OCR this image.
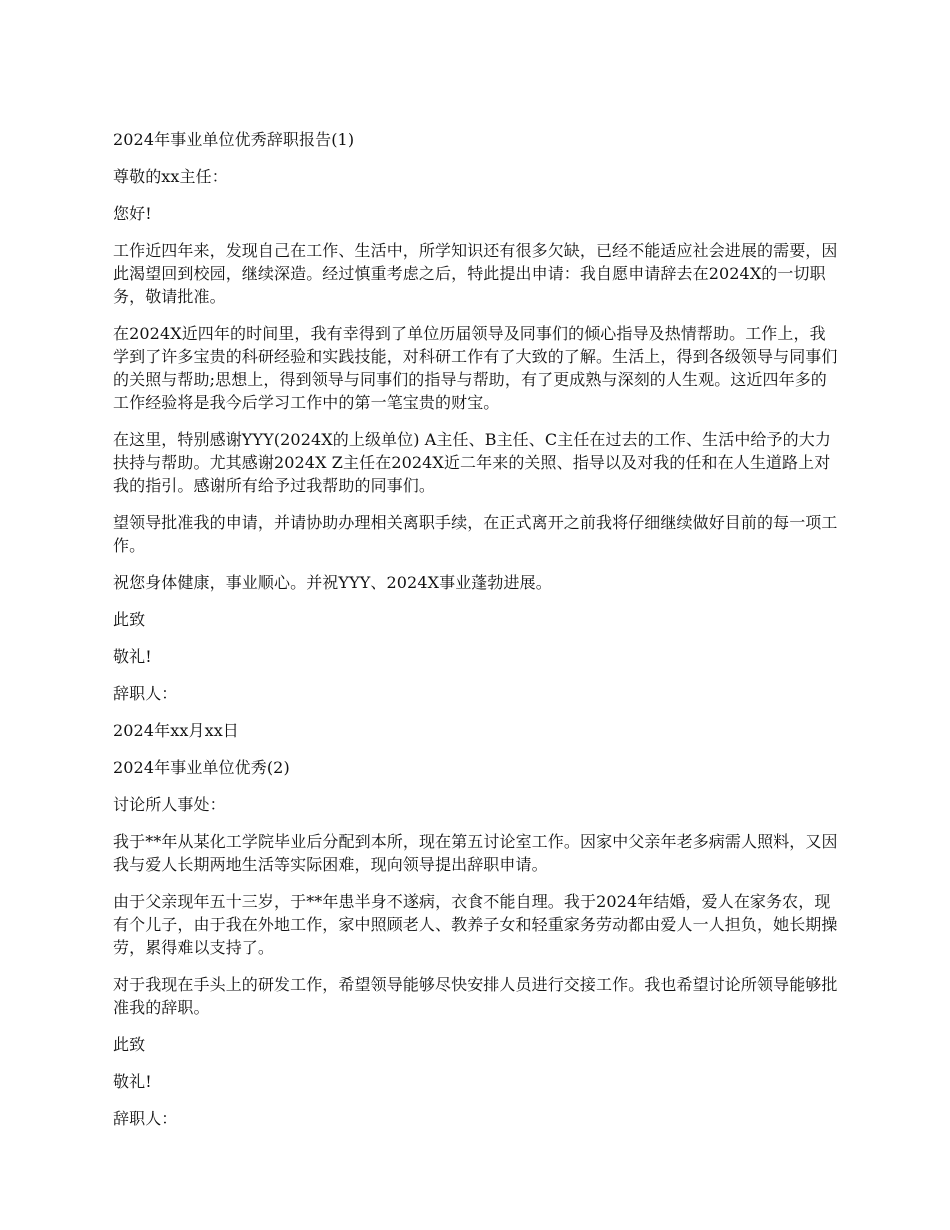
2024年事业单位优秀辞职报告(1)

尊敬的xx主任：

您好!

工作近四年来，发现自己在工作、生活中，所学知识还有很多欠缺，已经不能适应社会进展的需要，因此渴望回到校园，继续深造。经过慎重考虑之后，特此提出申请：我自愿申请辞去在2024X的一切职务，敬请批准。

在2024X近四年的时间里，我有幸得到了单位历届领导及同事们的倾心指导及热情帮助。工作上，我学到了许多宝贵的科研经验和实践技能，对科研工作有了大致的了解。生活上，得到各级领导与同事们的关照与帮助;思想上，得到领导与同事们的指导与帮助，有了更成熟与深刻的人生观。这近四年多的工作经验将是我今后学习工作中的第一笔宝贵的财宝。

在这里，特别感谢YYY(2024X的上级单位) A主任、B主任、C主任在过去的工作、生活中给予的大力扶持与帮助。尤其感谢2024X Z主任在2024X近二年来的关照、指导以及对我的任和在人生道路上对我的指引。感谢所有给予过我帮助的同事们。

望领导批准我的申请，并请协助办理相关离职手续，在正式离开之前我将仔细继续做好目前的每一项工作。

祝您身体健康，事业顺心。并祝YYY、2024X事业蓬勃进展。

此致

敬礼!

辞职人：

2024年xx月xx日

2024年事业单位优秀(2)

讨论所人事处：

我于**年从某化工学院毕业后分配到本所，现在第五讨论室工作。因家中父亲年老多病需人照料，又因我与爱人长期两地生活等实际困难，现向领导提出辞职申请。

由于父亲现年五十三岁，于**年患半身不遂病，衣食不能自理。我于2024年结婚，爱人在家务农，现有个儿子，由于我在外地工作，家中照顾老人、教养子女和轻重家务劳动都由爱人一人担负，她长期操劳，累得难以支持了。

对于我现在手头上的研发工作，希望领导能够尽快安排人员进行交接工作。我也希望讨论所领导能够批准我的辞职。

此致

敬礼!

辞职人：
